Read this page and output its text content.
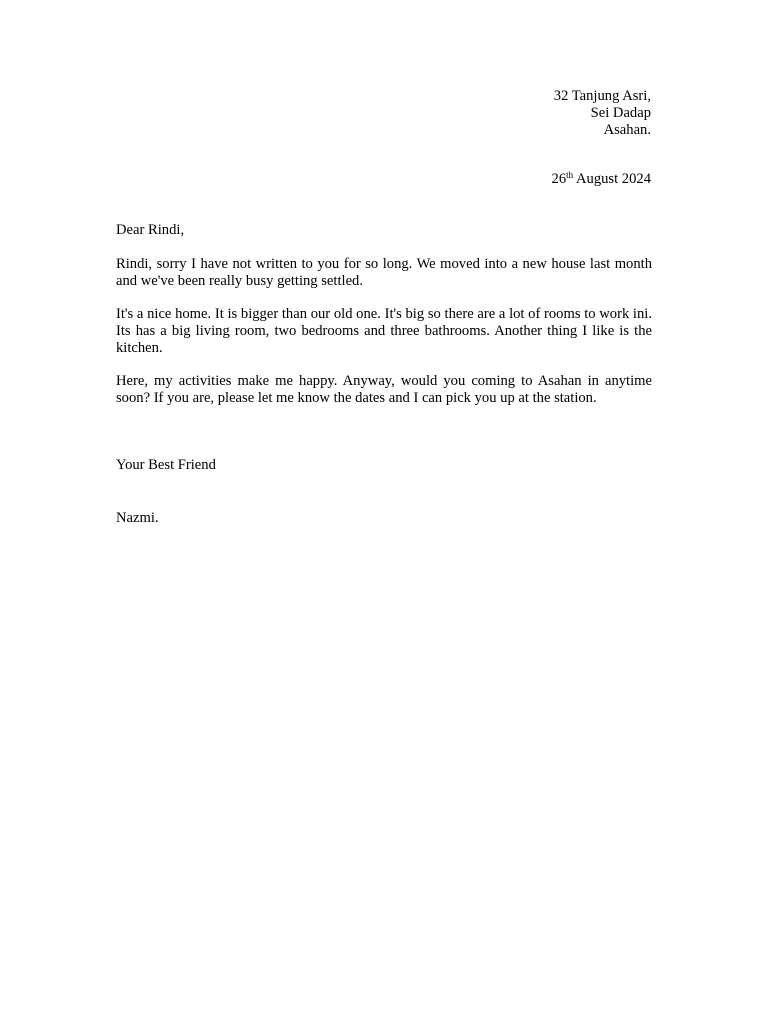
32 Tanjung Asri,
Sei Dadap
Asahan.
26th August 2024
Dear Rindi,

Rindi, sorry I have not written to you for so long. We moved into a new house last month and we've been really busy getting settled.

It's a nice home. It is bigger than our old one. It's big so there are a lot of rooms to work ini. Its has a big living room, two bedrooms and three bathrooms. Another thing I like is the kitchen.

Here, my activities make me happy. Anyway, would you coming to Asahan in anytime soon? If you are, please let me know the dates and I can pick you up at the station.

Your Best Friend
Nazmi.
